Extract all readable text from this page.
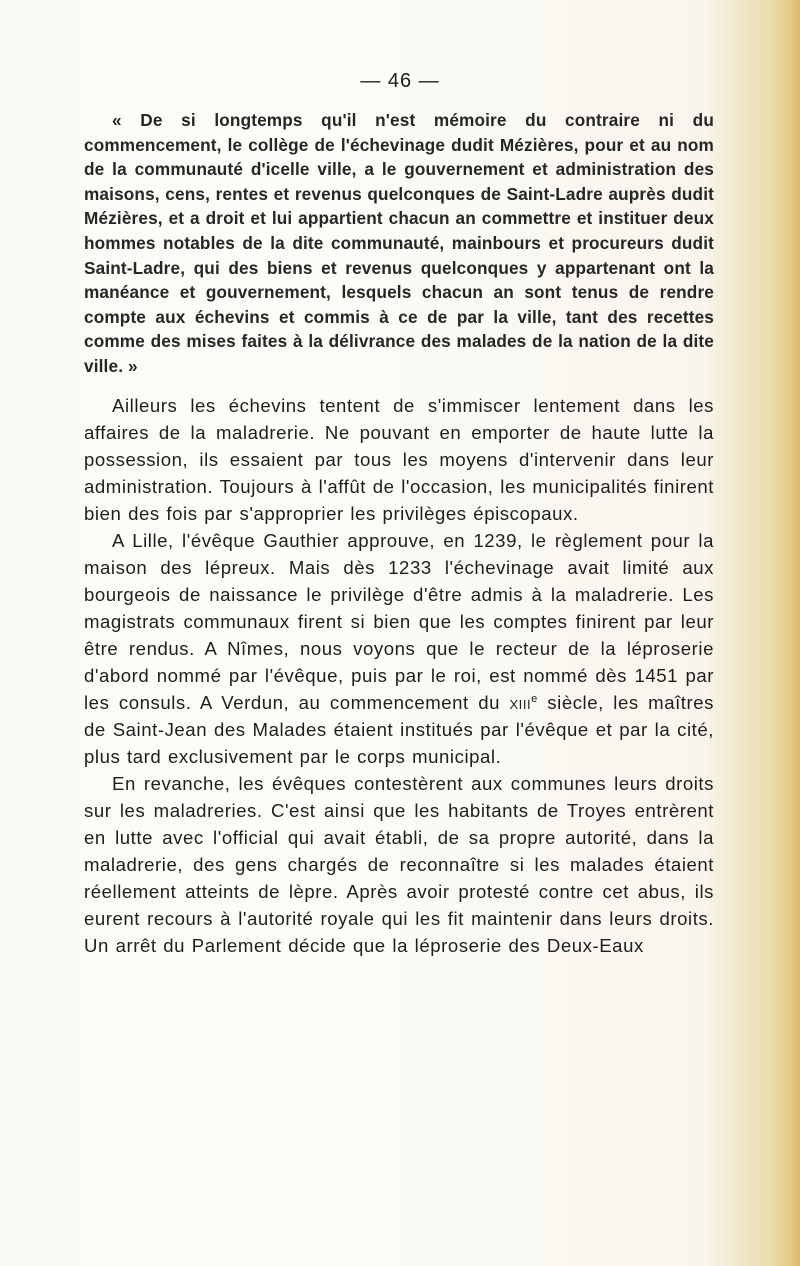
— 46 —

« De si longtemps qu'il n'est mémoire du contraire ni du commencement, le collège de l'échevinage dudit Mézières, pour et au nom de la communauté d'icelle ville, a le gouvernement et administration des maisons, cens, rentes et revenus quelconques de Saint-Ladre auprès dudit Mézières, et a droit et lui appartient chacun an commettre et instituer deux hommes notables de la dite communauté, mainbours et procureurs dudit Saint-Ladre, qui des biens et revenus quelconques y appartenant ont la manéance et gouvernement, lesquels chacun an sont tenus de rendre compte aux échevins et commis à ce de par la ville, tant des recettes comme des mises faites à la délivrance des malades de la nation de la dite ville. »

Ailleurs les échevins tentent de s'immiscer lentement dans les affaires de la maladrerie. Ne pouvant en emporter de haute lutte la possession, ils essaient par tous les moyens d'intervenir dans leur administration. Toujours à l'affût de l'occasion, les municipalités finirent bien des fois par s'approprier les privilèges épiscopaux.

A Lille, l'évêque Gauthier approuve, en 1239, le règlement pour la maison des lépreux. Mais dès 1233 l'échevinage avait limité aux bourgeois de naissance le privilège d'être admis à la maladrerie. Les magistrats communaux firent si bien que les comptes finirent par leur être rendus. A Nîmes, nous voyons que le recteur de la léproserie d'abord nommé par l'évêque, puis par le roi, est nommé dès 1451 par les consuls. A Verdun, au commencement du xiii$^e$ siècle, les maîtres de Saint-Jean des Malades étaient institués par l'évêque et par la cité, plus tard exclusivement par le corps municipal.

En revanche, les évêques contestèrent aux communes leurs droits sur les maladreries. C'est ainsi que les habitants de Troyes entrèrent en lutte avec l'official qui avait établi, de sa propre autorité, dans la maladrerie, des gens chargés de reconnaître si les malades étaient réellement atteints de lèpre. Après avoir protesté contre cet abus, ils eurent recours à l'autorité royale qui les fit maintenir dans leurs droits. Un arrêt du Parlement décide que la léproserie des Deux-Eaux
